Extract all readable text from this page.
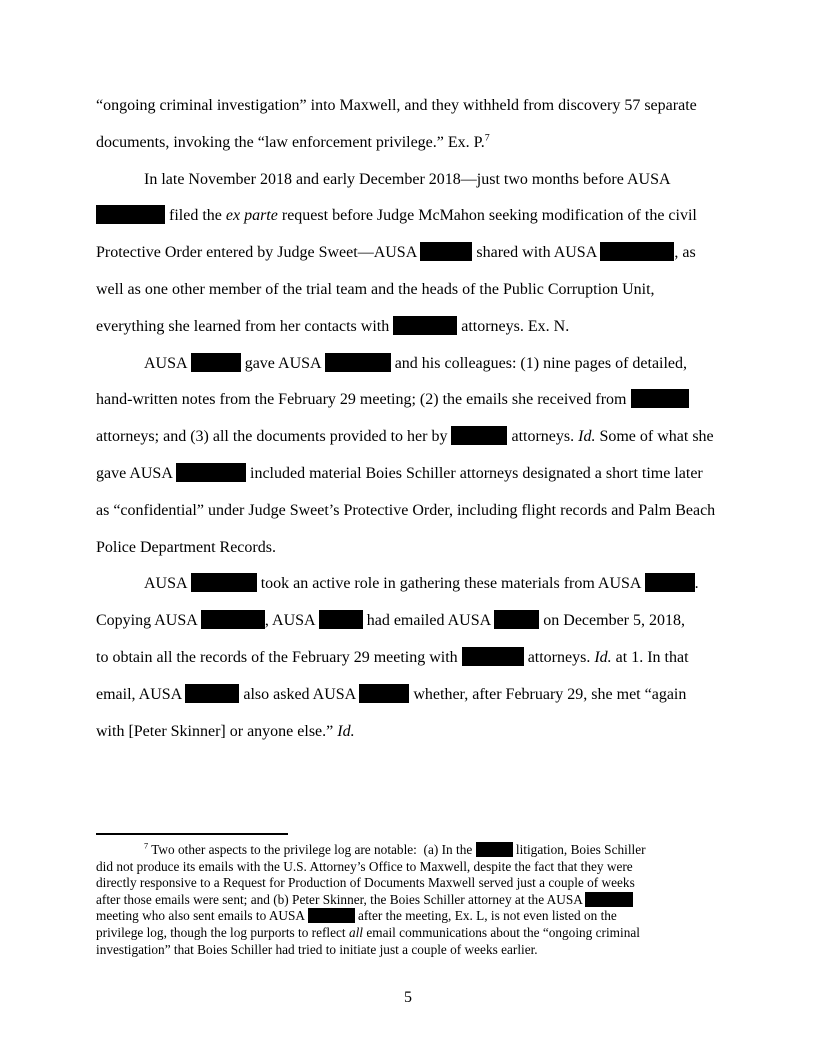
“ongoing criminal investigation” into Maxwell, and they withheld from discovery 57 separate
documents, invoking the “law enforcement privilege.” Ex. P.$^7$
In late November 2018 and early December 2018—just two months before AUSA
filed the ex parte request before Judge McMahon seeking modification of the civil
Protective Order entered by Judge Sweet—AUSA	shared with AUSA	, as
well as one other member of the trial team and the heads of the Public Corruption Unit,
everything she learned from her contacts with	attorneys. Ex. N.
AUSA	gave AUSA	and his colleagues: (1) nine pages of detailed,
hand-written notes from the February 29 meeting; (2) the emails she received from
attorneys; and (3) all the documents provided to her by	attorneys. Id. Some of what she
gave AUSA	included material Boies Schiller attorneys designated a short time later
as “confidential” under Judge Sweet’s Protective Order, including flight records and Palm Beach
Police Department Records.
AUSA	took an active role in gathering these materials from AUSA	.
Copying AUSA	, AUSA	had emailed AUSA	on December 5, 2018,
to obtain all the records of the February 29 meeting with	attorneys. Id. at 1. In that
email, AUSA	also asked AUSA	whether, after February 29, she met “again
with [Peter Skinner] or anyone else.” Id.
$^7$ Two other aspects to the privilege log are notable:  (a) In the	litigation, Boies Schiller
did not produce its emails with the U.S. Attorney’s Office to Maxwell, despite the fact that they were
directly responsive to a Request for Production of Documents Maxwell served just a couple of weeks
after those emails were sent; and (b) Peter Skinner, the Boies Schiller attorney at the AUSA
meeting who also sent emails to AUSA	after the meeting, Ex. L, is not even listed on the
privilege log, though the log purports to reflect all email communications about the “ongoing criminal
investigation” that Boies Schiller had tried to initiate just a couple of weeks earlier.
5
